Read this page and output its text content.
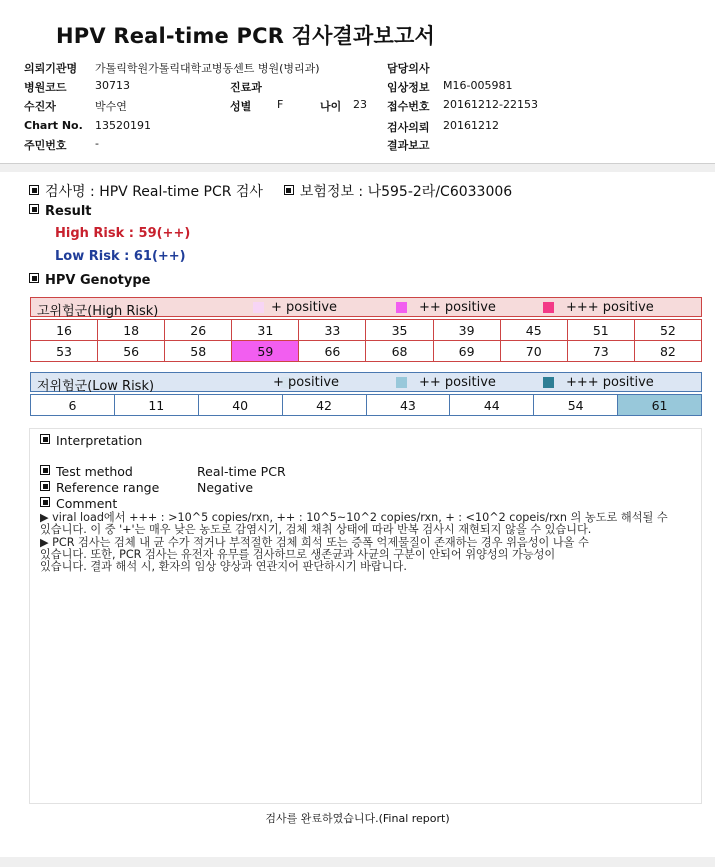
HPV Real-time PCR 검사결과보고서
의뢰기관명 가톨릭학원가톨릭대학교병동센트 병원(병리과)
병원코드	30713	진료과
수진자	박수연	성별 F	나이 23
Chart No. 13520191
주민번호	-
담당의사
임상정보 M16-005981
접수번호 20161212-22153
검사의뢰 20161212
결과보고
검사명 : HPV Real-time PCR 검사	보험정보 : 나595-2라/C6033006
Result
High Risk : 59(++)
Low Risk : 61(++)
HPV Genotype
고위험군(High Risk)	+ positive	++ positive	+++ positive
16	18	26	31	33	35	39	45	51	52
53	56	58	59	66	68	69	70	73	82
저위험군(Low Risk)	+ positive	++ positive	+++ positive
6	11	40	42	43	44	54	61
Interpretation
Test method	Real-time PCR
Reference range	Negative
Comment
▶ viral load에서 +++ : >10^5 copies/rxn, ++ : 10^5~10^2 copies/rxn, + : <10^2 copeis/rxn 의 농도로 해석될 수
있습니다. 이 중 '+'는 매우 낮은 농도로 감염시기, 검체 채취 상태에 따라 반복 검사시 재현되지 않을 수 있습니다.
▶ PCR 검사는 검체 내 균 수가 적거나 부적절한 검체 희석 또는 증폭 억제물질이 존재하는 경우 위음성이 나올 수
있습니다. 또한, PCR 검사는 유전자 유무를 검사하므로 생존균과 사균의 구분이 안되어 위양성의 가능성이
있습니다. 결과 해석 시, 환자의 임상 양상과 연관지어 판단하시기 바랍니다.
검사를 완료하였습니다.(Final report)
